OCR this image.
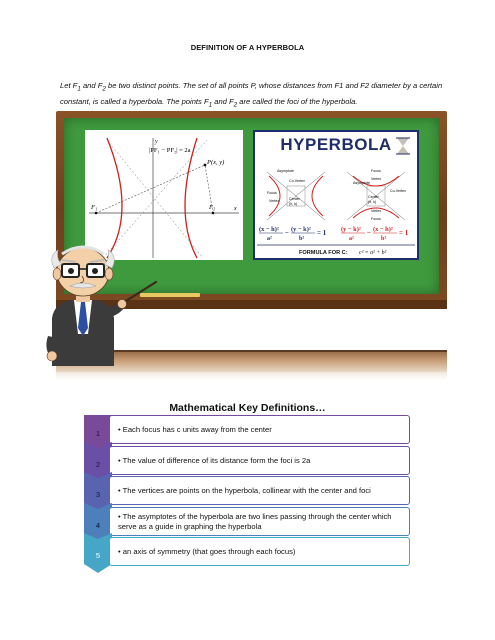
DEFINITION OF A HYPERBOLA
Let $F_1$ and $F_2$ be two distinct points. The set of all points P, whose distances from F1 and F2 diameter by a certain constant, is called a hyperbola. The points $F_1$ and $F_2$ are called the foci of the hyperbola.
|PF₁ − PF₂| = 2a
P(x, y)
F₁	F₂	x
y	HYPERBOLA
Asymptote
Co-Vertex
Focus
Vertex	Center
(h, k)
Asymptote
Co-Vertex
Focus
Vertex
Center
(h, k)
Vertex
Focus
(x − h)²
a²
− (y − k)²
b²
= 1 (y − k)²
a²
− (x − h)²
b²
= 1
FORMULA FOR C: c² = a² + b²
Mathematical Key Definitions…
1	• Each focus has c units away from the center
2	• The value of difference of its distance form the foci is 2a
3	• The vertices are points on the hyperbola, collinear with the center and foci
4
• The asymptotes of the hyperbola are two lines passing through the center which serve as a guide in graphing the hyperbola
5	• an axis of symmetry (that goes through each focus)
